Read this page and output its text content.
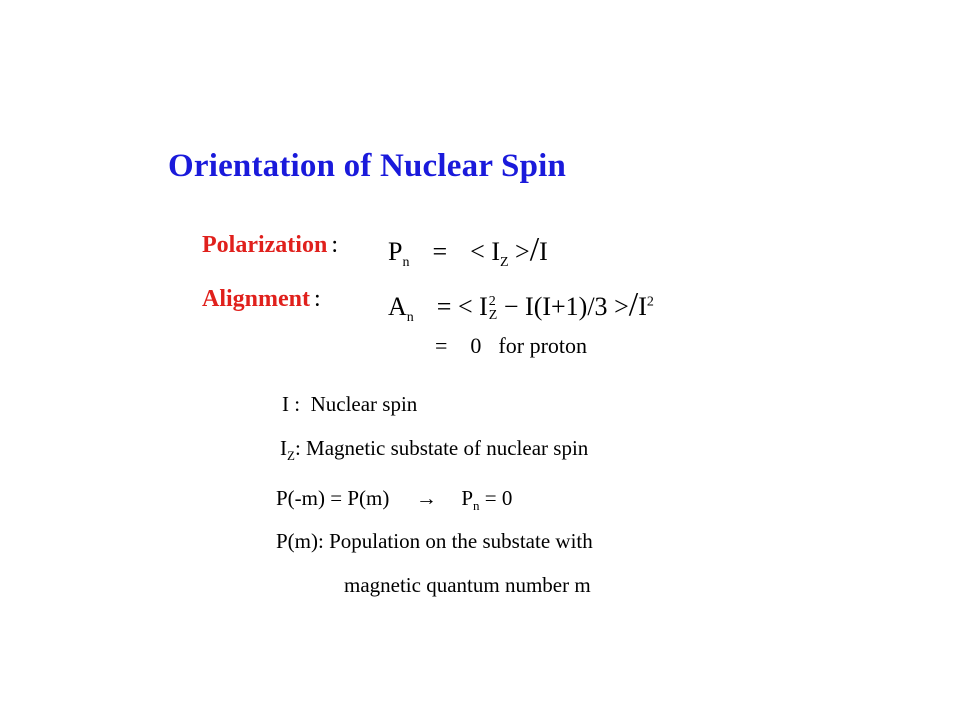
Orientation of Nuclear Spin
Polarization : $P_n$ = < $I_Z >/I$
Alignment :	$A_n$ = < I 2
$Z - I(I+1)/3 >/I^2$
= 0 for proton
I :  Nuclear spin
$I_Z$: Magnetic substate of nuclear spin
$P(-m) = P(m) \to P_n = 0$
P(m): Population on the substate with
magnetic quantum number m
